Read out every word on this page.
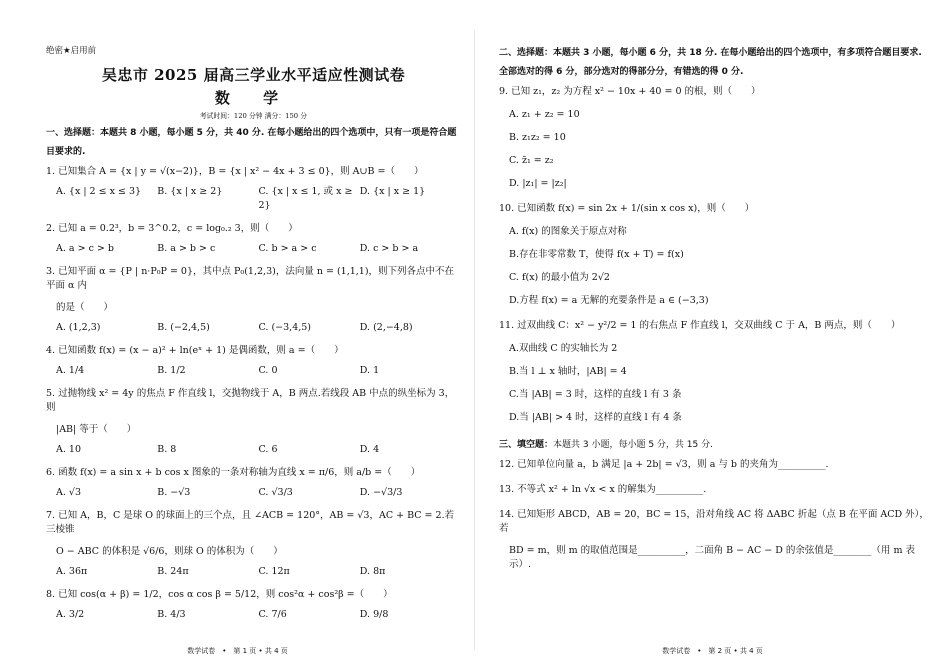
绝密★启用前
吴忠市 2025 届高三学业水平适应性测试卷
数 学
考试时间：120 分钟 满分：150 分
一、选择题：本题共 8 小题，每小题 5 分，共 40 分. 在每小题给出的四个选项中，只有一项是符合题目要求的.
1. 已知集合 A = {x | y = √(x−2)}，B = {x | x² − 4x + 3 ≤ 0}，则 A∪B =（　　）
A. {x | 2 ≤ x ≤ 3}	B. {x | x ≥ 2}	C. {x | x ≤ 1, 或 x ≥ 2}
D. {x | x ≥ 1}
2. 已知 a = 0.2³，b = 3^0.2，c = log₀.₂ 3，则（　　）
A. a > c > b	B. a > b > c	C. b > a > c	D. c > b > a
3. 已知平面 α = {P | n·P₀P = 0}，其中点 P₀(1,2,3)，法向量 n = (1,1,1)，则下列各点中不在平面 α 内
的是（　　）
A. (1,2,3)	B. (−2,4,5)	C. (−3,4,5)	D. (2,−4,8)
4. 已知函数 f(x) = (x − a)² + ln(eˣ + 1) 是偶函数，则 a =（　　）
A. 1/4	B. 1/2	C. 0	D. 1
5. 过抛物线 x² = 4y 的焦点 F 作直线 l，交抛物线于 A，B 两点.若线段 AB 中点的纵坐标为 3，则
|AB| 等于（　　）
A. 10	B. 8	C. 6	D. 4
6. 函数 f(x) = a sin x + b cos x 图象的一条对称轴为直线 x = π/6，则 a/b =（　　）
A. √3	B. −√3	C. √3/3	D. −√3/3
7. 已知 A，B，C 是球 O 的球面上的三个点，且 ∠ACB = 120°，AB = √3，AC + BC = 2.若三棱锥
O − ABC 的体积是 √6/6，则球 O 的体积为（　　）
A. 36π	B. 24π	C. 12π	D. 8π
8. 已知 cos(α + β) = 1/2，cos α cos β = 5/12，则 cos²α + cos²β =（　　）
A. 3/2	B. 4/3	C. 7/6	D. 9/8
数学试卷　•　第 1 页 • 共 4 页
二、选择题：本题共 3 小题，每小题 6 分，共 18 分. 在每小题给出的四个选项中，有多项符合题目要求. 全部选对的得 6 分，部分选对的得部分分，有错选的得 0 分.
9. 已知 z₁，z₂ 为方程 x² − 10x + 40 = 0 的根，则（　　）
A. z₁ + z₂ = 10
B. z₁z₂ = 10
C. z̄₁ = z₂
D. |z₁| = |z₂|
10. 已知函数 f(x) = sin 2x + 1/(sin x cos x)，则（　　）
A. f(x) 的图象关于原点对称
B.存在非零常数 T，使得 f(x + T) = f(x)
C. f(x) 的最小值为 2√2
D.方程 f(x) = a 无解的充要条件是 a ∈ (−3,3)
11. 过双曲线 C：x² − y²/2 = 1 的右焦点 F 作直线 l，交双曲线 C 于 A，B 两点，则（　　）
A.双曲线 C 的实轴长为 2
B.当 l ⊥ x 轴时，|AB| = 4
C.当 |AB| = 3 时，这样的直线 l 有 3 条
D.当 |AB| > 4 时，这样的直线 l 有 4 条
三、填空题：本题共 3 小题，每小题 5 分，共 15 分.
12. 已知单位向量 a，b 满足 |a + 2b| = √3，则 a 与 b 的夹角为__________.
13. 不等式 x² + ln √x < x 的解集为__________.
14. 已知矩形 ABCD，AB = 20，BC = 15，沿对角线 AC 将 ΔABC 折起（点 B 在平面 ACD 外），若
BD = m，则 m 的取值范围是__________，二面角 B − AC − D 的余弦值是________（用 m 表示）.
数学试卷　•　第 2 页 • 共 4 页
